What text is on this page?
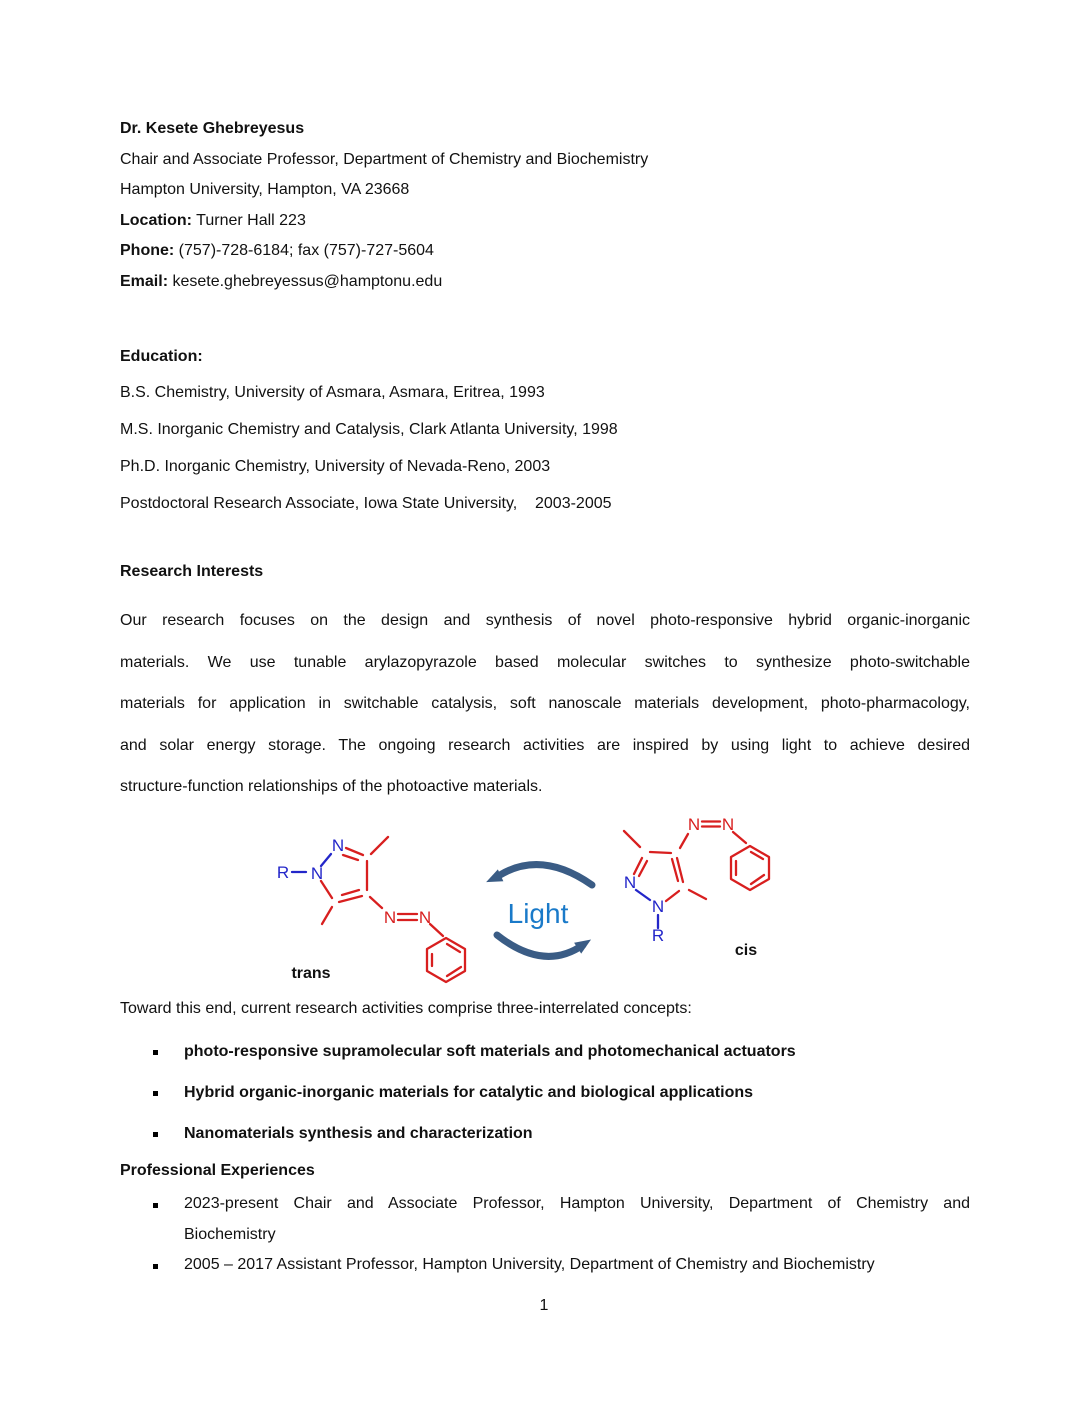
Dr. Kesete Ghebreyesus
Chair and Associate Professor, Department of Chemistry and Biochemistry
Hampton University, Hampton, VA 23668
Location: Turner Hall 223
Phone: (757)-728-6184; fax (757)-727-5604
Email: kesete.ghebreyessus@hamptonu.edu
Education:
B.S. Chemistry, University of Asmara, Asmara, Eritrea, 1993
M.S. Inorganic Chemistry and Catalysis, Clark Atlanta University, 1998
Ph.D. Inorganic Chemistry, University of Nevada-Reno, 2003
Postdoctoral Research Associate, Iowa State University,    2003-2005
Research Interests
Our research focuses on the design and synthesis of novel photo-responsive hybrid organic-inorganic
materials. We use tunable arylazopyrazole based molecular switches to synthesize photo-switchable
materials for application in switchable catalysis, soft nanoscale materials development, photo-pharmacology,
and solar energy storage. The ongoing research activities are inspired by using light to achieve desired
structure-function relationships of the photoactive materials.
R N
N
N N
trans
Light
N
N
R
N N
cis
Toward this end, current research activities comprise three-interrelated concepts:
photo-responsive supramolecular soft materials and photomechanical actuators
Hybrid organic-inorganic materials for catalytic and biological applications
Nanomaterials synthesis and characterization
Professional Experiences
2023-present Chair and Associate Professor, Hampton University, Department of Chemistry and
Biochemistry
2005 – 2017 Assistant Professor, Hampton University, Department of Chemistry and Biochemistry
1
